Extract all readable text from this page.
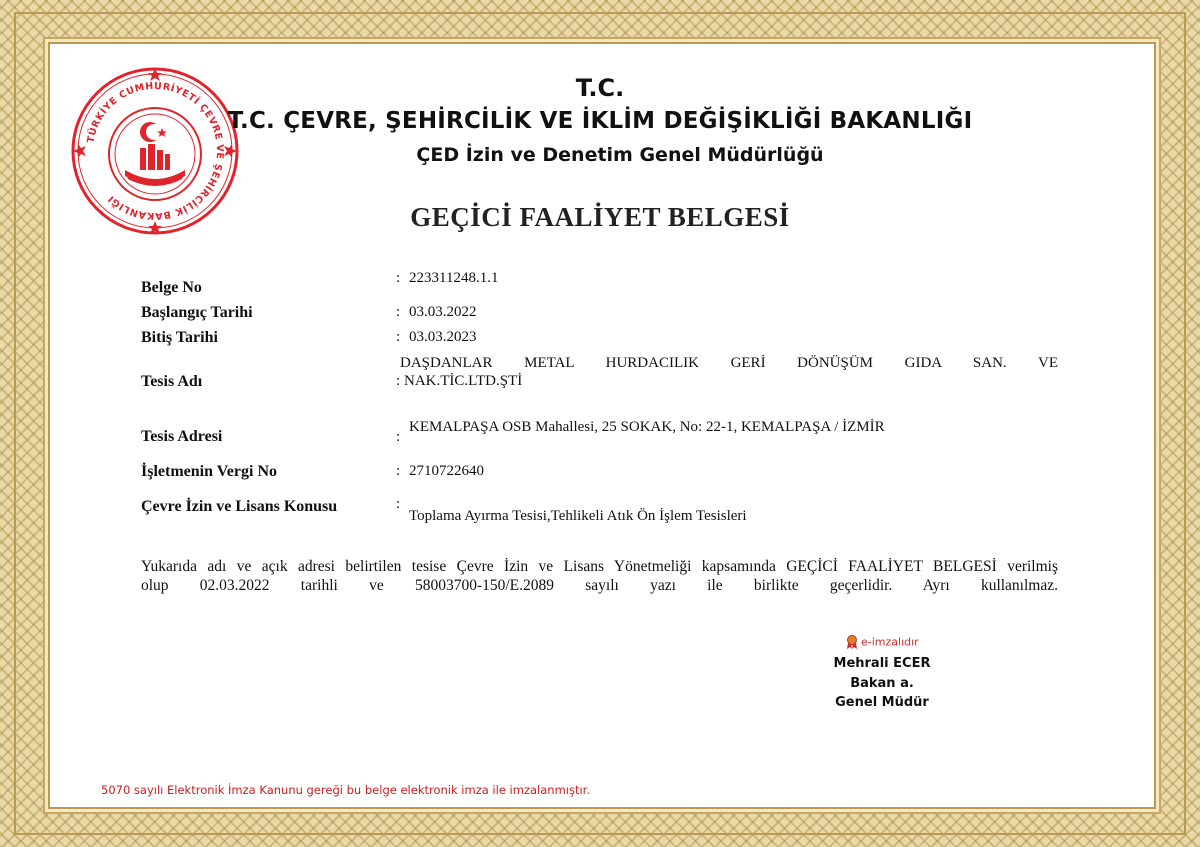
TÜRKİYE CUMHURİYETİ ÇEVRE VE ŞEHİRCİLİK BAKANLIĞI
T.C.
T.C. ÇEVRE, ŞEHİRCİLİK VE İKLİM DEĞİŞİKLİĞİ BAKANLIĞI
ÇED İzin ve Denetim Genel Müdürlüğü
GEÇİCİ FAALİYET BELGESİ
Belge No
: 223311248.1.1
Başlangıç Tarihi	: 03.03.2022
Bitiş Tarihi	: 03.03.2023
Tesis Adı
DAŞDANLAR METAL HURDACILIK GERİ DÖNÜŞÜM GIDA SAN. VE
: NAK.TİC.LTD.ŞTİ
Tesis Adresi	:
KEMALPAŞA OSB Mahallesi, 25 SOKAK, No: 22-1, KEMALPAŞA / İZMİR
İşletmenin Vergi No	: 2710722640
Çevre İzin ve Lisans Konusu	:
Toplama Ayırma Tesisi,Tehlikeli Atık Ön İşlem Tesisleri
Yukarıda adı ve açık adresi belirtilen tesise Çevre İzin ve Lisans Yönetmeliği kapsamında GEÇİCİ FAALİYET BELGESİ verilmiş
olup 02.03.2022 tarihli ve 58003700-150/E.2089 sayılı yazı ile birlikte geçerlidir. Ayrı kullanılmaz.
e-imzalıdır
Mehrali ECER
Bakan a.
Genel Müdür
5070 sayılı Elektronik İmza Kanunu gereği bu belge elektronik imza ile imzalanmıştır.
